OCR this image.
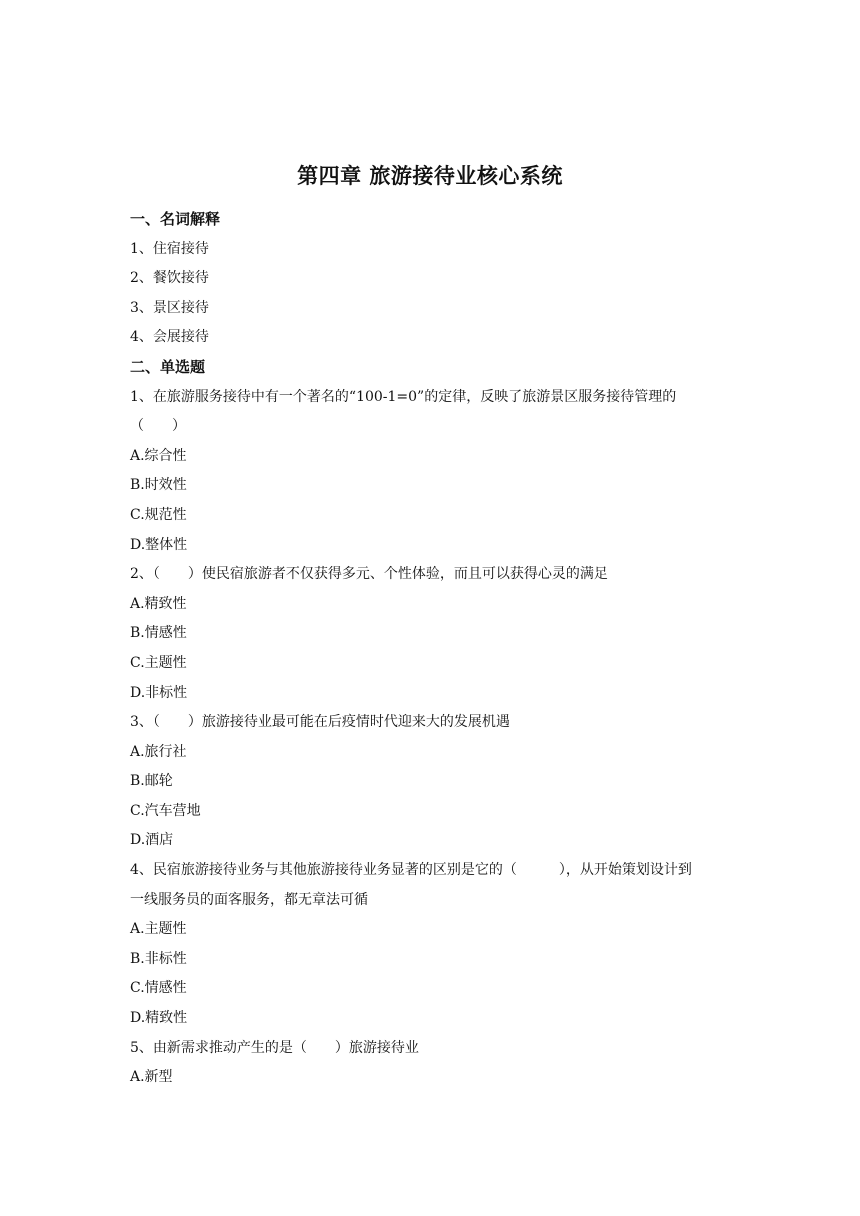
第四章 旅游接待业核心系统
一、名词解释
1、住宿接待
2、餐饮接待
3、景区接待
4、会展接待
二、单选题
1、在旅游服务接待中有一个著名的“100-1=0”的定律，反映了旅游景区服务接待管理的
（　　）
A.综合性
B.时效性
C.规范性
D.整体性
2、（　　）使民宿旅游者不仅获得多元、个性体验，而且可以获得心灵的满足
A.精致性
B.情感性
C.主题性
D.非标性
3、（　　）旅游接待业最可能在后疫情时代迎来大的发展机遇
A.旅行社
B.邮轮
C.汽车营地
D.酒店
4、民宿旅游接待业务与其他旅游接待业务显著的区别是它的（　　　），从开始策划设计到
一线服务员的面客服务，都无章法可循
A.主题性
B.非标性
C.情感性
D.精致性
5、由新需求推动产生的是（　　）旅游接待业
A.新型
